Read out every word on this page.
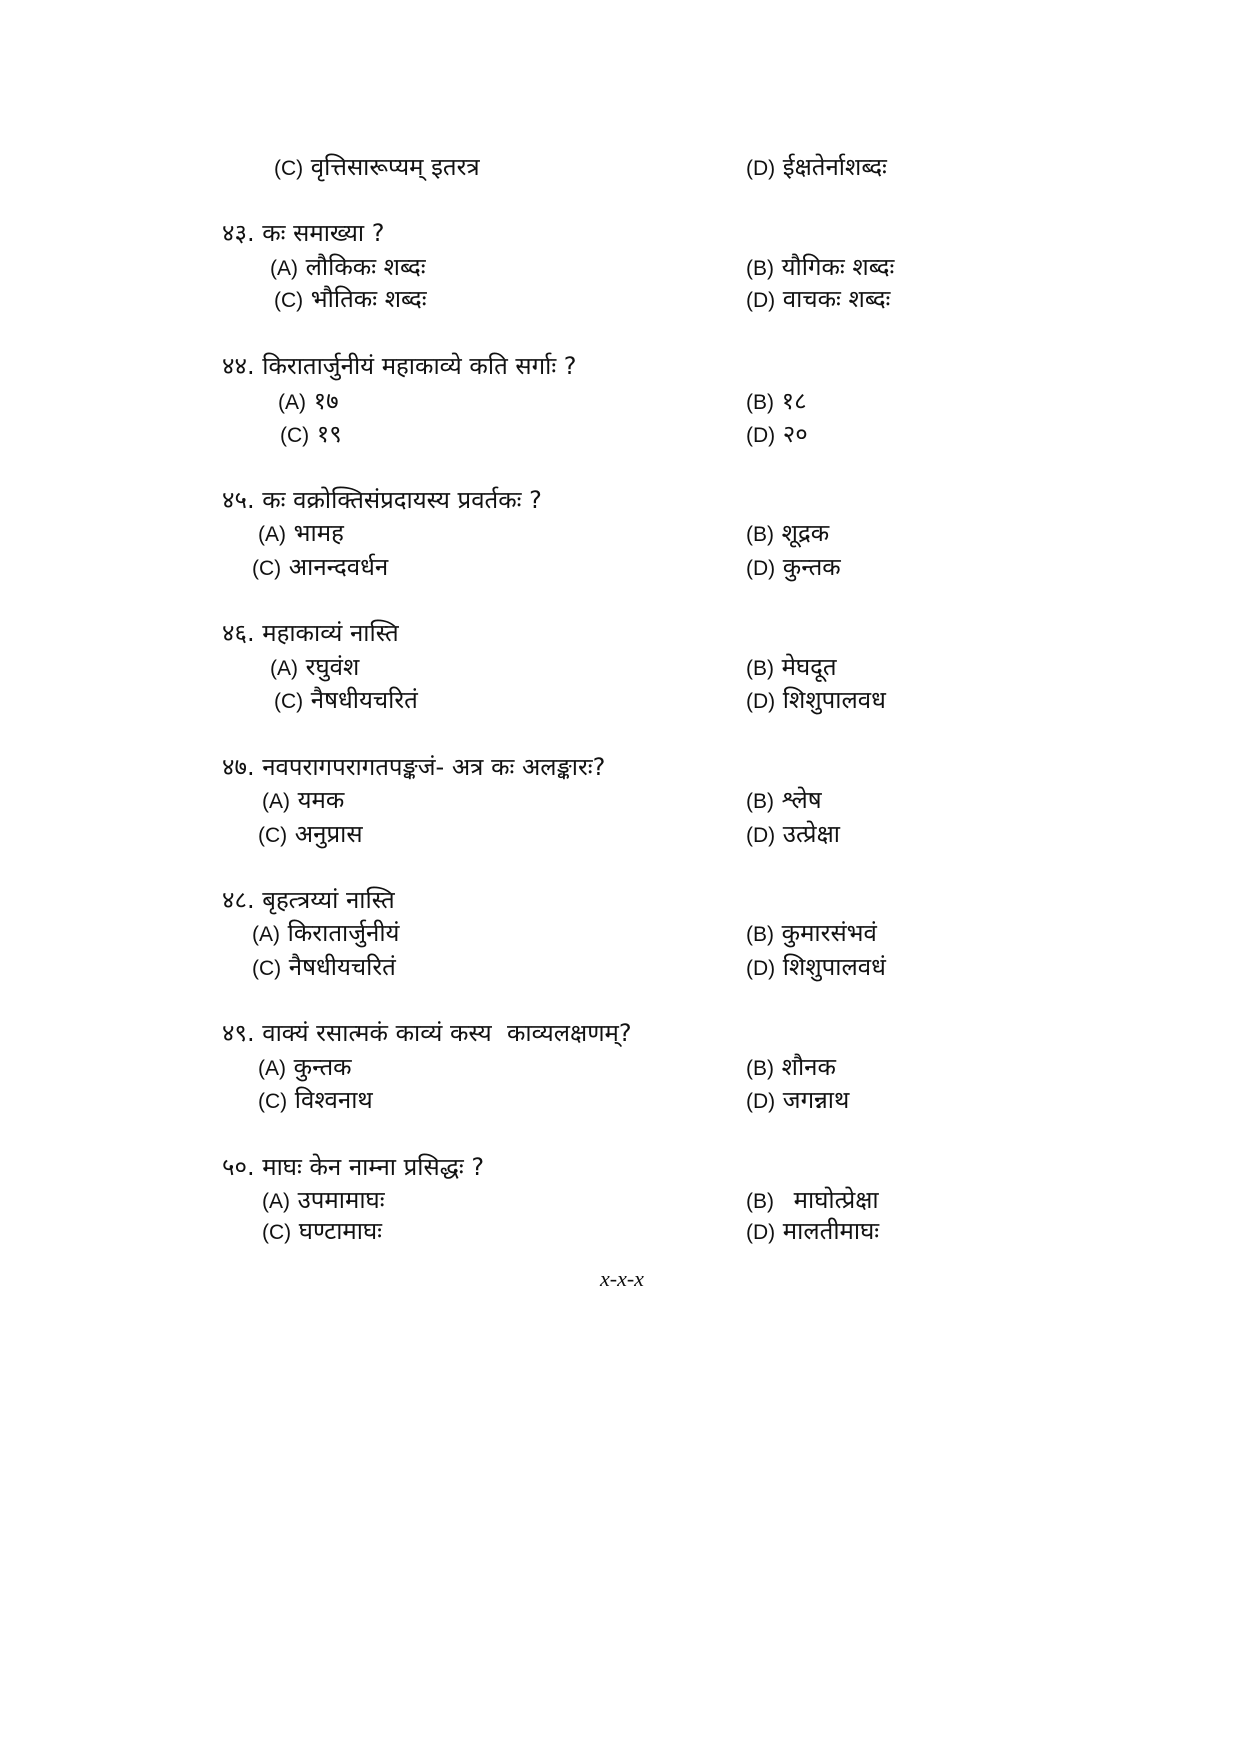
(C) वृत्तिसारूप्यम् इतरत्र	(D) ईक्षतेर्नाशब्दः
४३. कः समाख्या ?
(A) लौकिकः शब्दः	(B) यौगिकः शब्दः
(C) भौतिकः शब्दः	(D) वाचकः शब्दः
४४. किरातार्जुनीयं महाकाव्ये कति सर्गाः ?
(A) १७	(B) १८
(C) १९	(D) २०
४५. कः वक्रोक्तिसंप्रदायस्य प्रवर्तकः ?
(A) भामह	(B) शूद्रक
(C) आनन्दवर्धन	(D) कुन्तक
४६. महाकाव्यं नास्ति
(A) रघुवंश	(B) मेघदूत
(C) नैषधीयचरितं	(D) शिशुपालवध
४७. नवपरागपरागतपङ्कजं- अत्र कः अलङ्कारः?
(A) यमक	(B) श्लेष
(C) अनुप्रास	(D) उत्प्रेक्षा
४८. बृहत्त्रय्यां नास्ति
(A) किरातार्जुनीयं	(B) कुमारसंभवं
(C) नैषधीयचरितं	(D) शिशुपालवधं
४९. वाक्यं रसात्मकं काव्यं कस्य  काव्यलक्षणम्?
(A) कुन्तक	(B) शौनक
(C) विश्वनाथ	(D) जगन्नाथ
५०. माघः केन नाम्ना प्रसिद्धः ?
(A) उपमामाघः	(B) माघोत्प्रेक्षा
(C) घण्टामाघः	(D) मालतीमाघः
x-x-x
